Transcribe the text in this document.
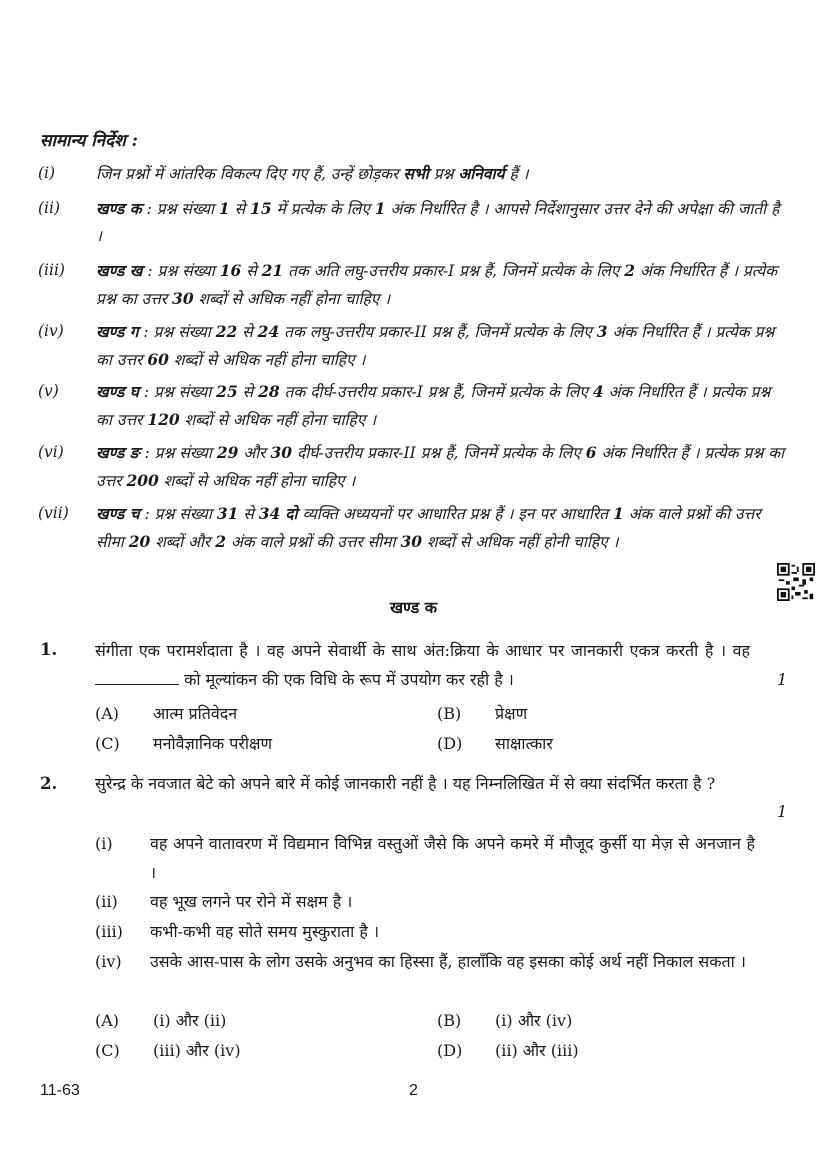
सामान्य निर्देश :
(i)	जिन प्रश्नों में आंतरिक विकल्प दिए गए हैं, उन्हें छोड़कर सभी प्रश्न अनिवार्य हैं ।
(ii)	खण्ड क : प्रश्न संख्या 1 से 15 में प्रत्येक के लिए 1 अंक निर्धारित है । आपसे निर्देशानुसार उत्तर देने की अपेक्षा की जाती है ।
(iii)	खण्ड ख : प्रश्न संख्या 16 से 21 तक अति लघु-उत्तरीय प्रकार-I प्रश्न हैं, जिनमें प्रत्येक के लिए 2 अंक निर्धारित हैं । प्रत्येक प्रश्न का उत्तर 30 शब्दों से अधिक नहीं होना चाहिए ।
(iv)	खण्ड ग : प्रश्न संख्या 22 से 24 तक लघु-उत्तरीय प्रकार-II प्रश्न हैं, जिनमें प्रत्येक के लिए 3 अंक निर्धारित हैं । प्रत्येक प्रश्न का उत्तर 60 शब्दों से अधिक नहीं होना चाहिए ।
(v)	खण्ड घ : प्रश्न संख्या 25 से 28 तक दीर्घ-उत्तरीय प्रकार-I प्रश्न हैं, जिनमें प्रत्येक के लिए 4 अंक निर्धारित हैं । प्रत्येक प्रश्न का उत्तर 120 शब्दों से अधिक नहीं होना चाहिए ।
(vi)	खण्ड ङ : प्रश्न संख्या 29 और 30 दीर्घ-उत्तरीय प्रकार-II प्रश्न हैं, जिनमें प्रत्येक के लिए 6 अंक निर्धारित हैं । प्रत्येक प्रश्न का उत्तर 200 शब्दों से अधिक नहीं होना चाहिए ।
(vii)	खण्ड च : प्रश्न संख्या 31 से 34 दो व्यक्ति अध्ययनों पर आधारित प्रश्न हैं । इन पर आधारित 1 अंक वाले प्रश्नों की उत्तर सीमा 20 शब्दों और 2 अंक वाले प्रश्नों की उत्तर सीमा 30 शब्दों से अधिक नहीं होनी चाहिए ।
खण्ड क
1. संगीता एक परामर्शदाता है । वह अपने सेवार्थी के साथ अंत:क्रिया के आधार पर जानकारी एकत्र करती है । वह  को मूल्यांकन की एक विधि के रूप में उपयोग कर रही है ।	1
(A) आत्म प्रतिवेदन	(B) प्रेक्षण
(C) मनोवैज्ञानिक परीक्षण	(D) साक्षात्कार
2. सुरेन्द्र के नवजात बेटे को अपने बारे में कोई जानकारी नहीं है । यह निम्नलिखित में से क्या संदर्भित करता है ?
1
(i) वह अपने वातावरण में विद्यमान विभिन्न वस्तुओं जैसे कि अपने कमरे में मौजूद कुर्सी या मेज़ से अनजान है ।
(ii) वह भूख लगने पर रोने में सक्षम है ।
(iii) कभी-कभी वह सोते समय मुस्कुराता है ।
(iv) उसके आस-पास के लोग उसके अनुभव का हिस्सा हैं, हालाँकि वह इसका कोई अर्थ नहीं निकाल सकता ।
(A) (i) और (ii)	(B) (i) और (iv)
(C) (iii) और (iv)	(D) (ii) और (iii)
11-63	2
